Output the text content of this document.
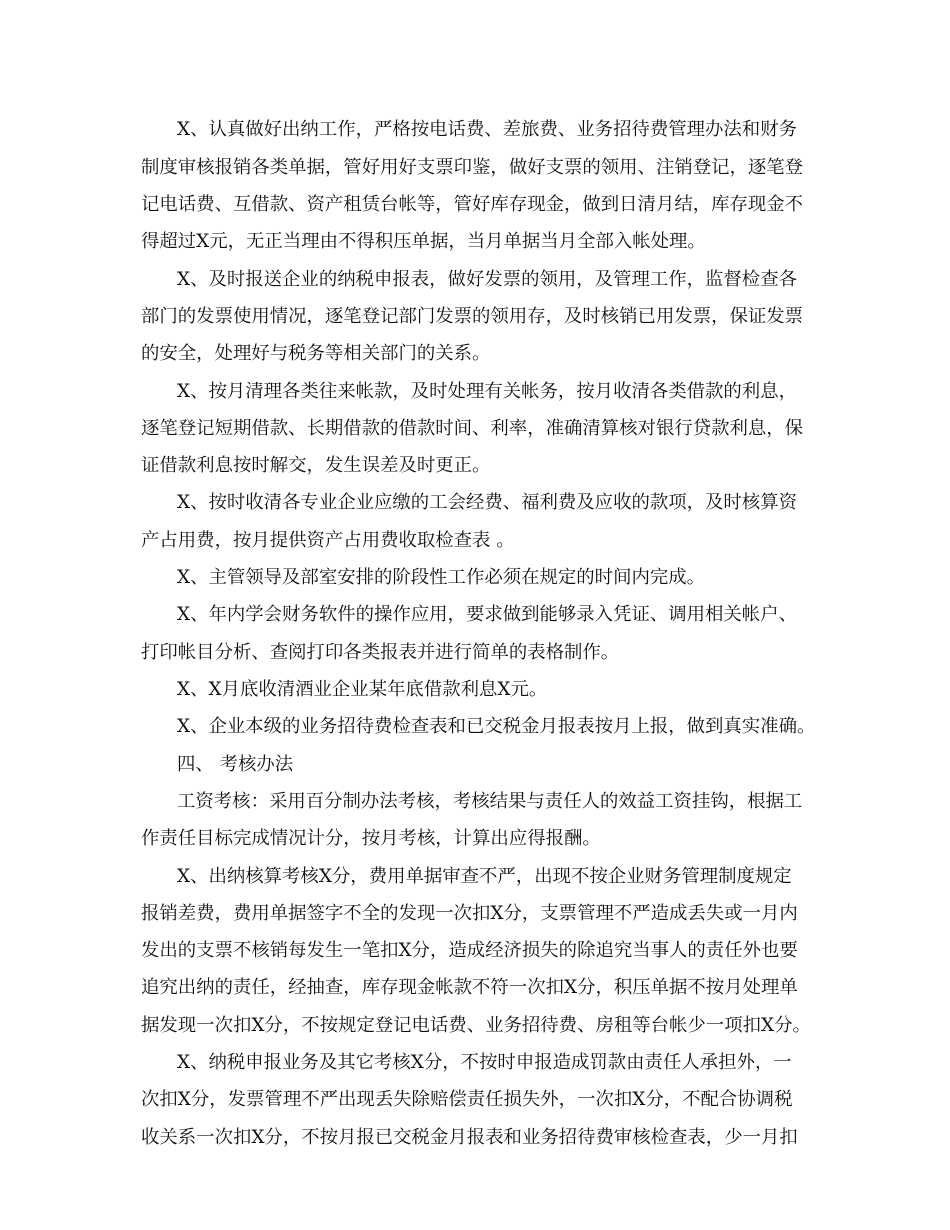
X、认真做好出纳工作，严格按电话费、差旅费、业务招待费管理办法和财务
制度审核报销各类单据，管好用好支票印鉴，做好支票的领用、注销登记，逐笔登
记电话费、互借款、资产租赁台帐等，管好库存现金，做到日清月结，库存现金不
得超过X元，无正当理由不得积压单据，当月单据当月全部入帐处理。
X、及时报送企业的纳税申报表，做好发票的领用，及管理工作，监督检查各
部门的发票使用情况，逐笔登记部门发票的领用存，及时核销已用发票，保证发票
的安全，处理好与税务等相关部门的关系。
X、按月清理各类往来帐款，及时处理有关帐务，按月收清各类借款的利息，
逐笔登记短期借款、长期借款的借款时间、利率，准确清算核对银行贷款利息，保
证借款利息按时解交，发生误差及时更正。
X、按时收清各专业企业应缴的工会经费、福利费及应收的款项，及时核算资
产占用费，按月提供资产占用费收取检查表 。
X、主管领导及部室安排的阶段性工作必须在规定的时间内完成。
X、年内学会财务软件的操作应用，要求做到能够录入凭证、调用相关帐户、
打印帐目分析、查阅打印各类报表并进行简单的表格制作。
X、X月底收清酒业企业某年底借款利息X元。
X、企业本级的业务招待费检查表和已交税金月报表按月上报，做到真实准确。
四、 考核办法
工资考核：采用百分制办法考核，考核结果与责任人的效益工资挂钩，根据工
作责任目标完成情况计分，按月考核，计算出应得报酬。
X、出纳核算考核X分，费用单据审查不严，出现不按企业财务管理制度规定
报销差费，费用单据签字不全的发现一次扣X分，支票管理不严造成丢失或一月内
发出的支票不核销每发生一笔扣X分，造成经济损失的除追究当事人的责任外也要
追究出纳的责任，经抽查，库存现金帐款不符一次扣X分，积压单据不按月处理单
据发现一次扣X分，不按规定登记电话费、业务招待费、房租等台帐少一项扣X分。
X、纳税申报业务及其它考核X分，不按时申报造成罚款由责任人承担外，一
次扣X分，发票管理不严出现丢失除赔偿责任损失外，一次扣X分，不配合协调税
收关系一次扣X分，不按月报已交税金月报表和业务招待费审核检查表，少一月扣
